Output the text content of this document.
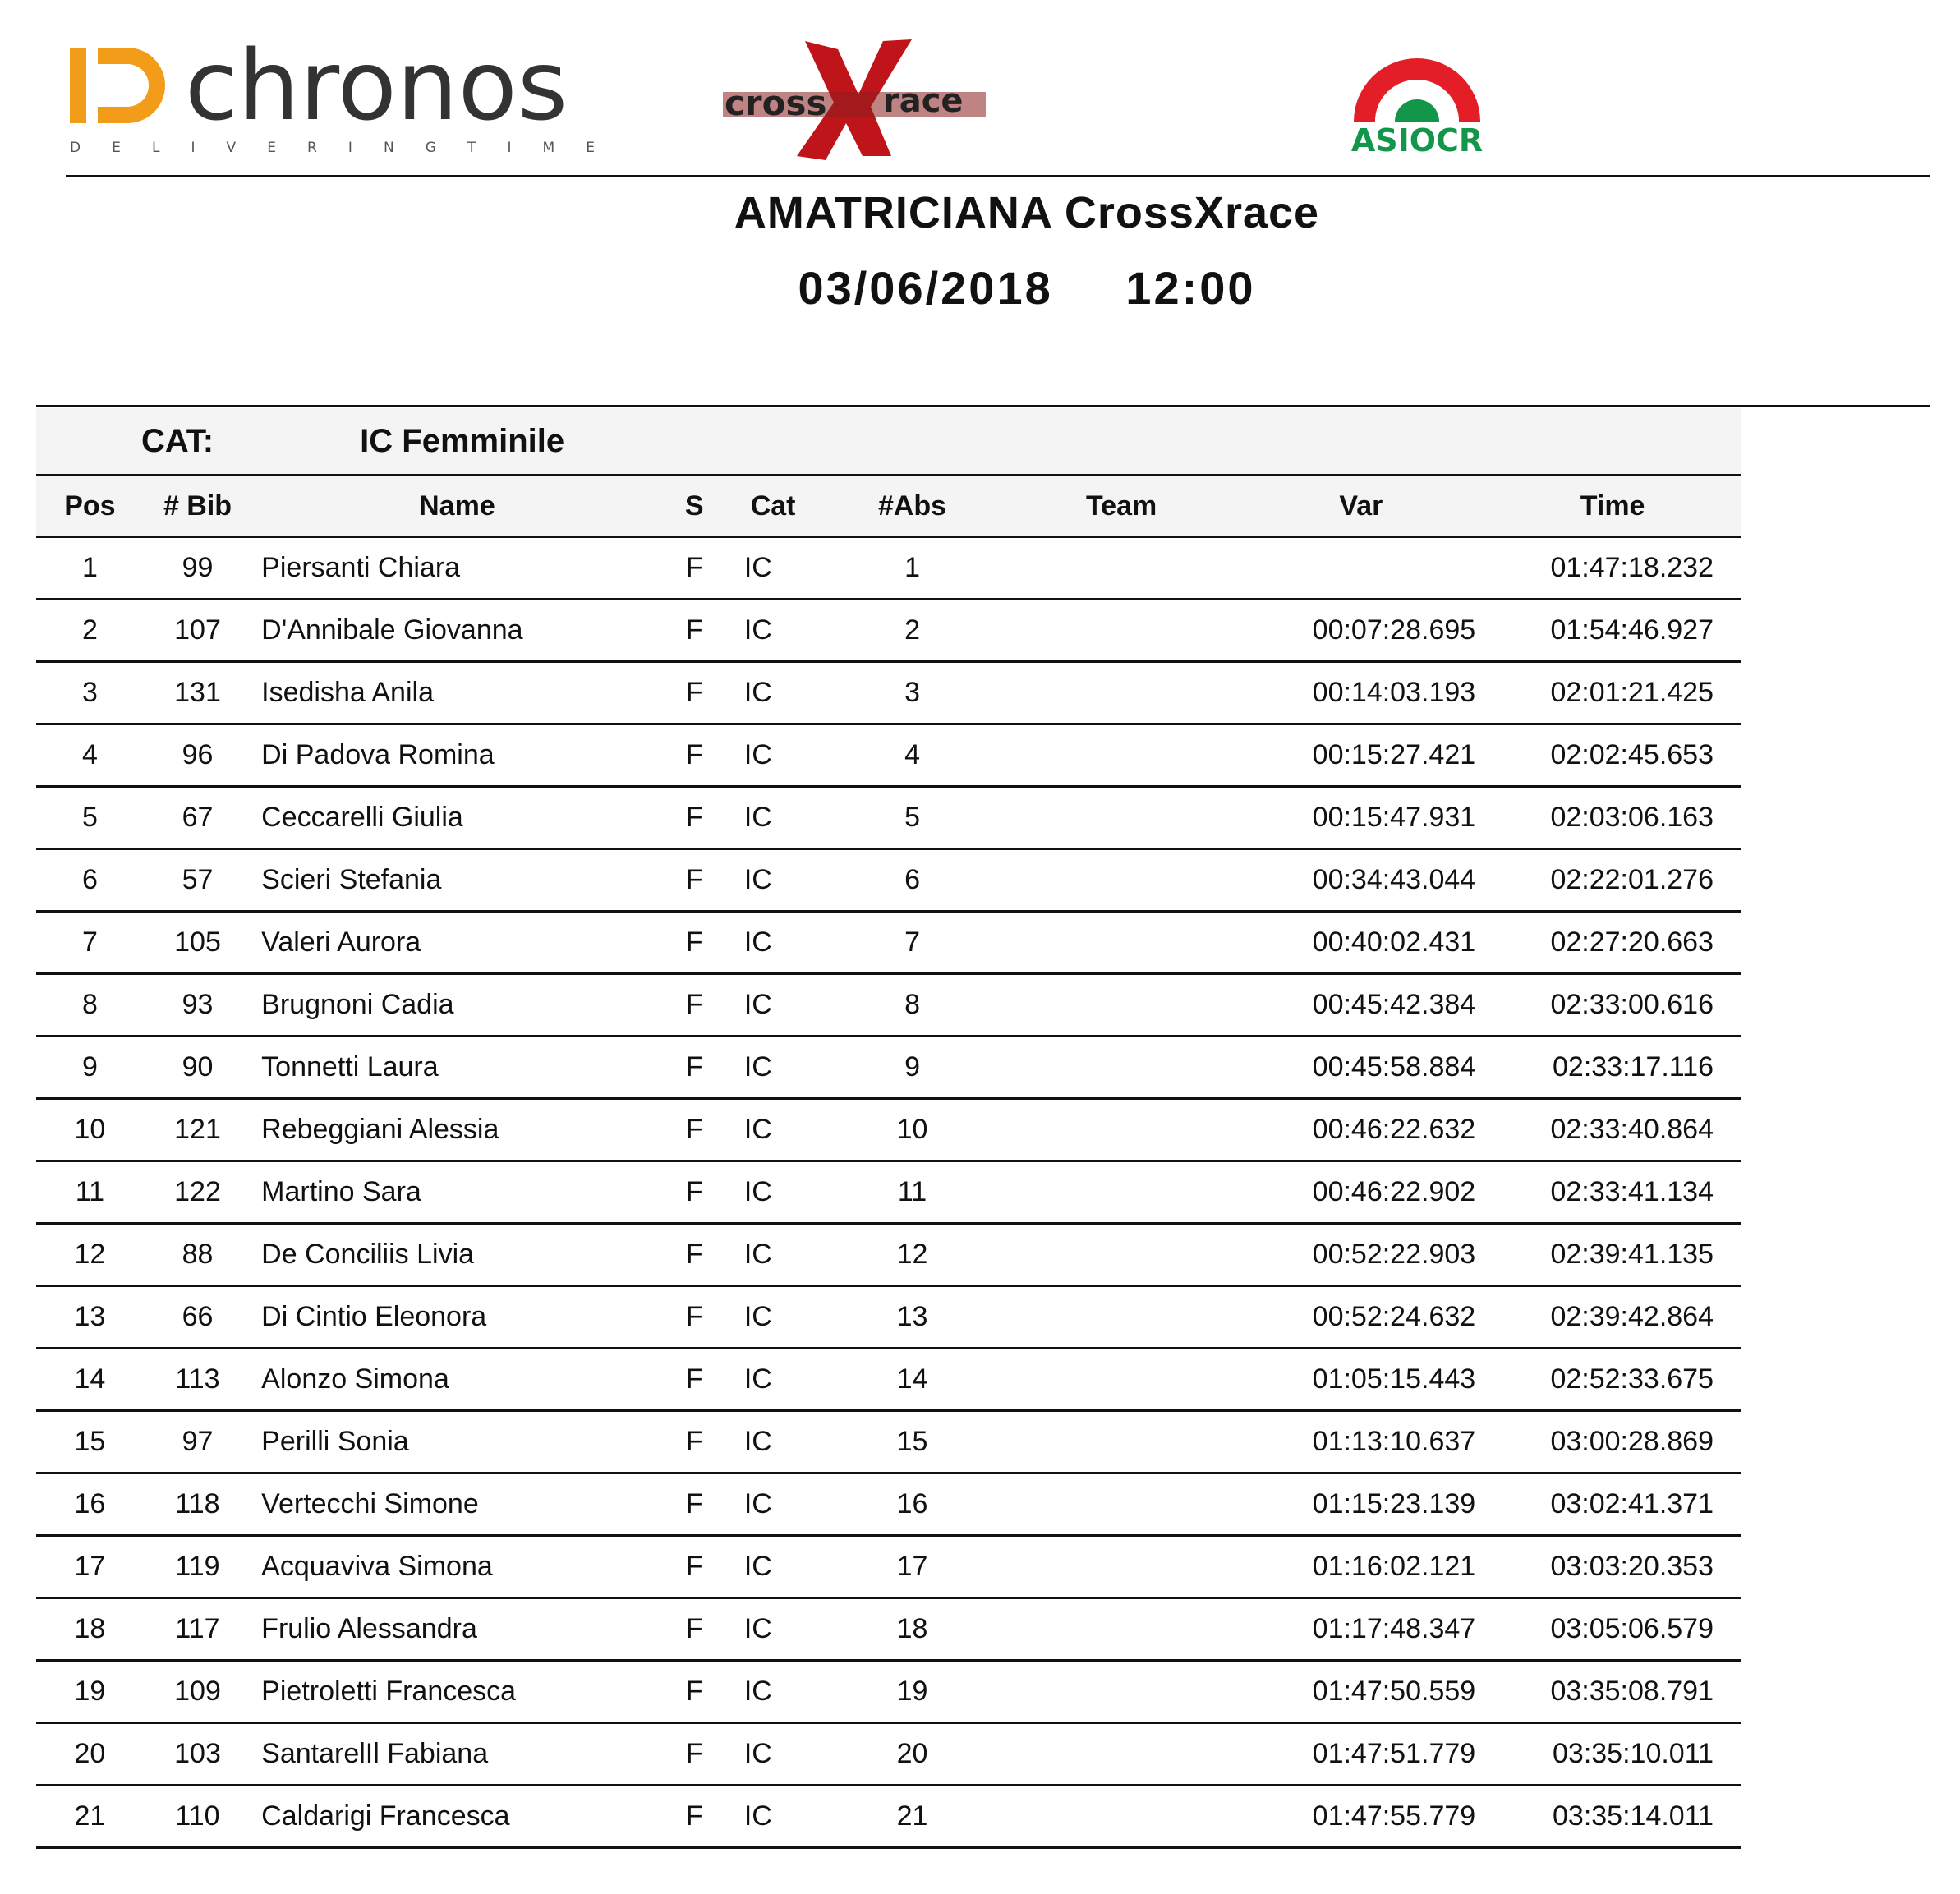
chronos
D E L I V E R I N G T I M E
cross race
ASIOCR
AMATRICIANA CrossXrace
03/06/2018 12:00
CAT:		IC Femminile						
Pos	# Bib	Name	S	Cat	#Abs	Team	Var	Time
1	99	Piersanti Chiara	F	IC	1			01:47:18.232
2	107	D'Annibale Giovanna	F	IC	2		00:07:28.695	01:54:46.927
3	131	Isedisha Anila	F	IC	3		00:14:03.193	02:01:21.425
4	96	Di Padova Romina	F	IC	4		00:15:27.421	02:02:45.653
5	67	Ceccarelli Giulia	F	IC	5		00:15:47.931	02:03:06.163
6	57	Scieri Stefania	F	IC	6		00:34:43.044	02:22:01.276
7	105	Valeri Aurora	F	IC	7		00:40:02.431	02:27:20.663
8	93	Brugnoni Cadia	F	IC	8		00:45:42.384	02:33:00.616
9	90	Tonnetti Laura	F	IC	9		00:45:58.884	02:33:17.116
10	121	Rebeggiani Alessia	F	IC	10		00:46:22.632	02:33:40.864
11	122	Martino Sara	F	IC	11		00:46:22.902	02:33:41.134
12	88	De Conciliis Livia	F	IC	12		00:52:22.903	02:39:41.135
13	66	Di Cintio Eleonora	F	IC	13		00:52:24.632	02:39:42.864
14	113	Alonzo Simona	F	IC	14		01:05:15.443	02:52:33.675
15	97	Perilli Sonia	F	IC	15		01:13:10.637	03:00:28.869
16	118	Vertecchi Simone	F	IC	16		01:15:23.139	03:02:41.371
17	119	Acquaviva Simona	F	IC	17		01:16:02.121	03:03:20.353
18	117	Frulio Alessandra	F	IC	18		01:17:48.347	03:05:06.579
19	109	Pietroletti Francesca	F	IC	19		01:47:50.559	03:35:08.791
20	103	SantarelIl Fabiana	F	IC	20		01:47:51.779	03:35:10.011
21	110	Caldarigi Francesca	F	IC	21		01:47:55.779	03:35:14.011
